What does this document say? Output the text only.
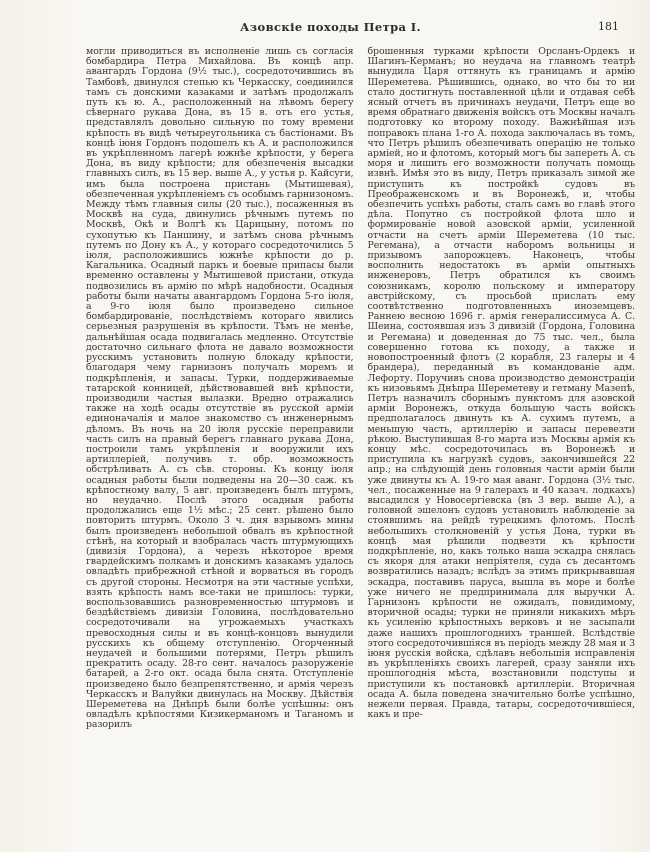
Азовскіе походы Петра I.	181
могли приводиться въ исполненіе лишь съ согласія бомбардира Петра Михайлова. Въ концѣ апр. авангардъ Гордона (9½ тыс.), сосредоточившись въ Тамбовѣ, двинулся степью къ Черкасску, соединился тамъ съ донскими казаками и затѣмъ продолжалъ путь къ ю. А., расположенный на лѣвомъ берегу сѣвернаго рукава Дона, въ 15 в. отъ его устья, представлялъ довольно сильную по тому времени крѣпость въ видѣ четыреугольника съ бастіонами. Въ концѣ іюня Гордонъ подошелъ къ А. и расположился въ укрѣпленномъ лагерѣ южнѣе крѣпости, у берега Дона, въ виду крѣпости; для обезпеченія высадки главныхъ силъ, въ 15 вер. выше А., у устья р. Кайсуги, имъ была построена пристань (Мытишевая), обезпеченная укрѣпленіемъ съ особымъ гарнизономъ. Между тѣмъ главныя силы (20 тыс.), посаженныя въ Москвѣ на суда, двинулись рѣчнымъ путемъ по Москвѣ, Окѣ и Волгѣ къ Царицыну, потомъ по сухопутью къ Паншину, и затѣмъ снова рѣчнымъ путемъ по Дону къ А., у котораго сосредоточились 5 іюля, расположившись южнѣе крѣпости до р. Кагальника. Осадный паркъ и боевые припасы были временно оставлены у Мытишевой пристани, откуда подвозились въ армію по мѣрѣ надобности. Осадныя работы были начаты авангардомъ Гордона 5-го іюля, а 9-го іюля было произведено сильное бомбардированіе, послѣдствіемъ котораго явились серьезныя разрушенія въ крѣпости. Тѣмъ не менѣе, дальнѣйшая осада подвигалась медленно. Отсутствіе достаточно сильнаго флота не давало возможности русскимъ установить полную блокаду крѣпости, благодаря чему гарнизонъ получалъ моремъ и подкрѣпленія, и запасы. Турки, поддерживаемые татарской конницей, дѣйствовавшей внѣ крѣпости, производили частыя вылазки. Вредно отражались также на ходѣ осады отсутствіе въ русской арміи единоначалія и малое знакомство съ инженернымъ дѣломъ. Въ ночь на 20 іюля русскіе переправили часть силъ на правый берегъ главнаго рукава Дона, построили тамъ укрѣпленія и вооружили ихъ артиллеріей, получивъ т. обр. возможность обстрѣливать А. съ сѣв. стороны. Къ концу іюля осадныя работы были подведены на 20—30 саж. къ крѣпостному валу, 5 авг. произведенъ былъ штурмъ, но неудачно. Послѣ этого осадныя работы продолжались еще 1½ мѣс.; 25 сент. рѣшено было повторить штурмъ. Около 3 ч. дня взрывомъ мины былъ произведенъ небольшой обвалъ въ крѣпостной стѣнѣ, на который и взобралась часть штурмующихъ (дивизія Гордона), а черезъ нѣкоторое время гвардейскимъ полкамъ и донскимъ казакамъ удалось овладѣть прибрежной стѣной и ворваться въ городъ съ другой стороны. Несмотря на эти частные успѣхи, взять крѣпость намъ все-таки не пришлось: турки, воспользовавшись разновременностью штурмовъ и бездѣйствіемъ дивизіи Головина, послѣдовательно сосредоточивали на угрожаемыхъ участкахъ превосходныя силы и въ концѣ-концовъ вынудили русскихъ къ общему отступленію. Огорченный неудачей и большими потерями, Петръ рѣшилъ прекратить осаду. 28-го сент. началось разоруженіе батарей, а 2-го окт. осада была снята. Отступленіе произведено было безпрепятственно, и армія черезъ Черкасскъ и Валуйки двинулась на Москву. Дѣйствія Шереметева на Днѣпрѣ были болѣе успѣшны: онъ овладѣлъ крѣпостями Кизикерманомъ и Таганомъ и разорилъ
брошенныя турками крѣпости Орсланъ-Ордекъ и Шагинъ-Керманъ; но неудача на главномъ театрѣ вынудила Царя оттянуть къ границамъ и армію Шереметева. Рѣшившись, однако, во что бы то ни стало достигнуть поставленной цѣли и отдавая себѣ ясный отчетъ въ причинахъ неудачи, Петръ еще во время обратнаго движенія войскъ отъ Москвы началъ подготовку ко второму походу. Важнѣйшая изъ поправокъ плана 1-го А. похода заключалась въ томъ, что Петръ рѣшилъ обезпечивать операцію не только арміей, но и флотомъ, который могъ бы запереть А. съ моря и лишить его возможности получать помощь извнѣ. Имѣя это въ виду, Петръ приказалъ зимой же приступить къ постройкѣ судовъ въ Преображенскомъ и въ Воронежѣ, и, чтобы обезпечить успѣхъ работы, сталъ самъ во главѣ этого дѣла. Попутно съ постройкой флота шло и формированіе новой азовской арміи, усиленной отчасти на счетъ арміи Шереметева (10 тыс. Регемана), а отчасти наборомъ вольницы и призывомъ запорожцевъ. Наконецъ, чтобы восполнить недостатокъ въ арміи опытныхъ инженеровъ, Петръ обратился къ своимъ союзникамъ, королю польскому и императору австрійскому, съ просьбой прислать ему соотвѣтственно подготовленныхъ иноземцевъ. Раннею весною 1696 г. армія генералиссимуса А. С. Шеина, состоявшая изъ 3 дивизій (Гордона, Головина и Регемана) и доведенная до 75 тыс. чел., была совершенно готова къ походу, а также и новопостроенный флотъ (2 корабля, 23 галеры и 4 брандера), переданный въ командованіе адм. Лефорту. Поручивъ снова производство демонстраціи къ низовьямъ Днѣпра Шереметеву и гетману Мазепѣ, Петръ назначилъ сборнымъ пунктомъ для азовской арміи Воронежъ, откуда большую часть войскъ предполагалось двинуть къ А. сухимъ путемъ, а меньшую часть, артиллерію и запасы перевезти рѣкою. Выступившая 8-го марта изъ Москвы армія къ концу мѣс. сосредоточилась въ Воронежѣ и приступила къ нагрузкѣ судовъ, закончившейся 22 апр.; на слѣдующій день головныя части арміи были уже двинуты къ А. 19-го мая аванг. Гордона (3½ тыс. чел., посаженные на 9 галерахъ и 40 казач. лодкахъ) высадился у Новосергіевска (въ 3 вер. выше А.), а головной эшелонъ судовъ установилъ наблюденіе за стоявшимъ на рейдѣ турецкимъ флотомъ. Послѣ небольшихъ столкновеній у устья Дона, турки въ концѣ мая рѣшили подвезти къ крѣпости подкрѣпленіе, но, какъ только наша эскадра снялась съ якоря для атаки непріятеля, суда съ десантомъ возвратились назадъ; вслѣдъ за этимъ прикрывавшая эскадра, поставивъ паруса, вышла въ море и болѣе уже ничего не предпринимала для выручки А. Гарнизонъ крѣпости не ожидалъ, повидимому, вторичной осады; турки не приняли никакихъ мѣръ къ усиленію крѣпостныхъ верковъ и не засыпали даже нашихъ прошлогоднихъ траншей. Вслѣдствіе этого сосредоточившіяся въ періодъ между 28 мая и 3 іюня русскія войска, сдѣлавъ небольшія исправленія въ укрѣпленіяхъ своихъ лагерей, сразу заняли ихъ прошлогоднія мѣста, возстановили подступы и приступили къ постановкѣ артиллеріи. Вторичная осада А. была поведена значительно болѣе успѣшно, нежели первая. Правда, татары, сосредоточившіеся, какъ и пре-
